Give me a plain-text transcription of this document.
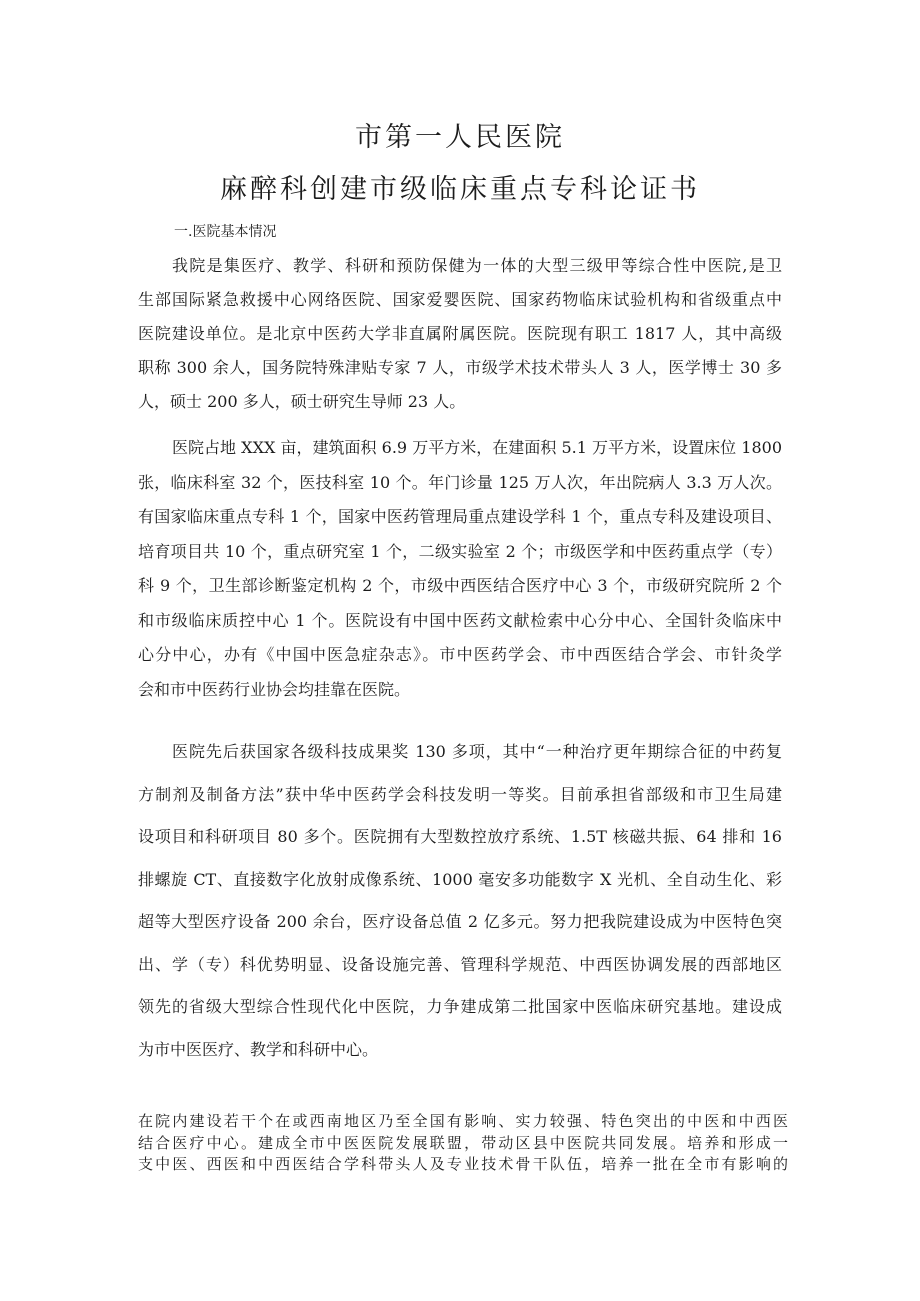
市第一人民医院
麻醉科创建市级临床重点专科论证书
一.医院基本情况
我院是集医疗、教学、科研和预防保健为一体的大型三级甲等综合性中医院,是卫
生部国际紧急救援中心网络医院、国家爱婴医院、国家药物临床试验机构和省级重点中
医院建设单位。是北京中医药大学非直属附属医院。医院现有职工 1817 人，其中高级
职称 300 余人，国务院特殊津贴专家 7 人，市级学术技术带头人 3 人，医学博士 30 多
人，硕士 200 多人，硕士研究生导师 23 人。
医院占地 XXX 亩，建筑面积 6.9 万平方米，在建面积 5.1 万平方米，设置床位 1800
张，临床科室 32 个，医技科室 10 个。年门诊量 125 万人次，年出院病人 3.3 万人次。
有国家临床重点专科 1 个，国家中医药管理局重点建设学科 1 个，重点专科及建设项目、
培育项目共 10 个，重点研究室 1 个，二级实验室 2 个；市级医学和中医药重点学（专）
科 9 个，卫生部诊断鉴定机构 2 个，市级中西医结合医疗中心 3 个，市级研究院所 2 个
和市级临床质控中心 1 个。医院设有中国中医药文献检索中心分中心、全国针灸临床中
心分中心，办有《中国中医急症杂志》。市中医药学会、市中西医结合学会、市针灸学
会和市中医药行业协会均挂靠在医院。
医院先后获国家各级科技成果奖 130 多项，其中“一种治疗更年期综合征的中药复
方制剂及制备方法”获中华中医药学会科技发明一等奖。目前承担省部级和市卫生局建
设项目和科研项目 80 多个。医院拥有大型数控放疗系统、1.5T 核磁共振、64 排和 16
排螺旋 CT、直接数字化放射成像系统、1000 毫安多功能数字 X 光机、全自动生化、彩
超等大型医疗设备 200 余台，医疗设备总值 2 亿多元。努力把我院建设成为中医特色突
出、学（专）科优势明显、设备设施完善、管理科学规范、中西医协调发展的西部地区
领先的省级大型综合性现代化中医院，力争建成第二批国家中医临床研究基地。建设成
为市中医医疗、教学和科研中心。
在院内建设若干个在或西南地区乃至全国有影响、实力较强、特色突出的中医和中西医
结合医疗中心。建成全市中医医院发展联盟，带动区县中医院共同发展。培养和形成一
支中医、西医和中西医结合学科带头人及专业技术骨干队伍，培养一批在全市有影响的
